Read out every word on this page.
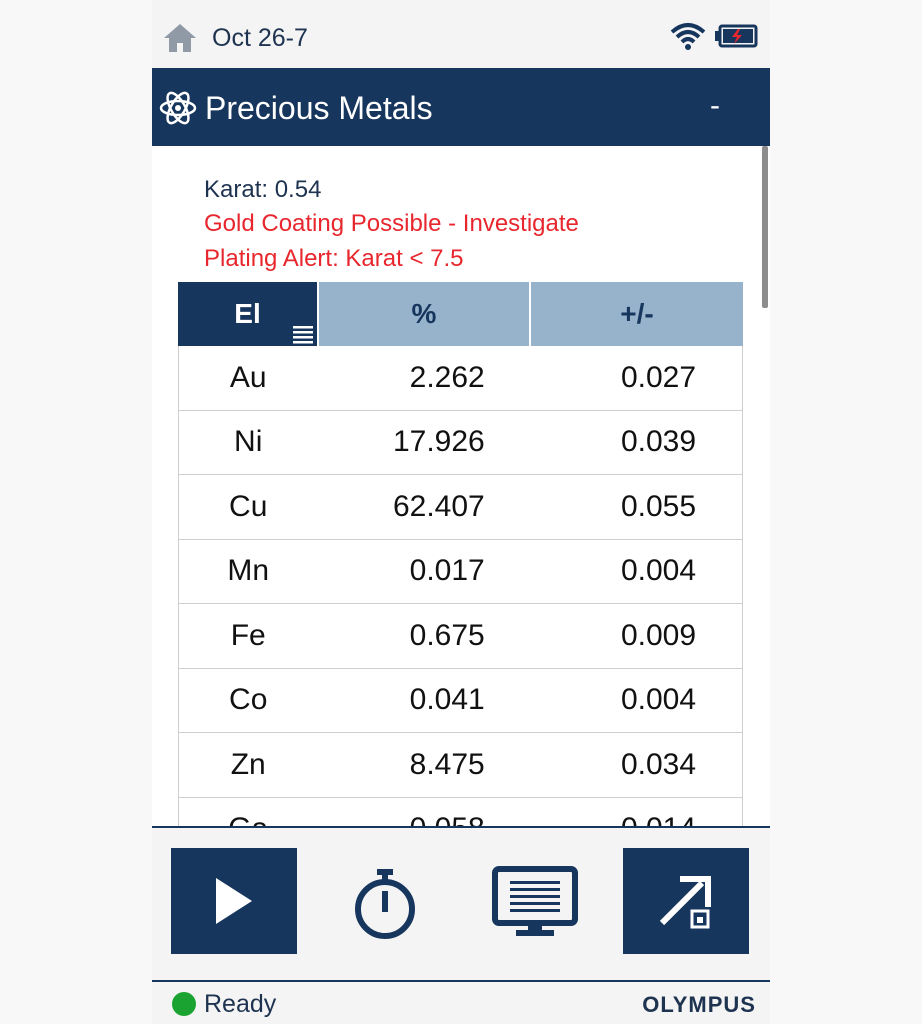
Oct 26-7
Precious Metals	-
Karat: 0.54
Gold Coating Possible - Investigate
Plating Alert: Karat < 7.5
El	%	+/-
Au	2.262	0.027
Ni	17.926	0.039
Cu	62.407	0.055
Mn	0.017	0.004
Fe	0.675	0.009
Co	0.041	0.004
Zn	8.475	0.034
Ready	OLYMPUS
